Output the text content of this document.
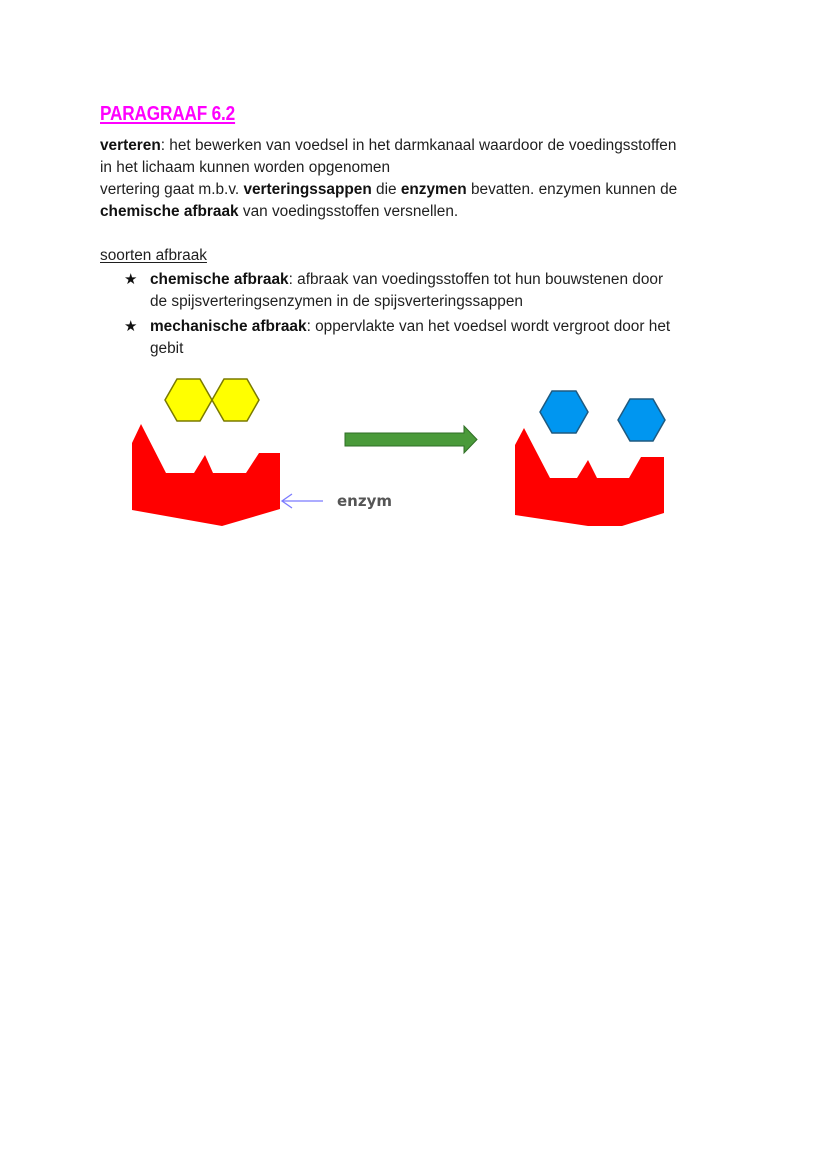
PARAGRAAF 6.2
verteren: het bewerken van voedsel in het darmkanaal waardoor de voedingsstoffen
in het lichaam kunnen worden opgenomen
vertering gaat m.b.v. verteringssappen die enzymen bevatten. enzymen kunnen de
chemische afbraak van voedingsstoffen versnellen.
soorten afbraak
★ chemische afbraak: afbraak van voedingsstoffen tot hun bouwstenen door
de spijsverteringsenzymen in de spijsverteringssappen
★ mechanische afbraak: oppervlakte van het voedsel wordt vergroot door het
gebit
enzym
